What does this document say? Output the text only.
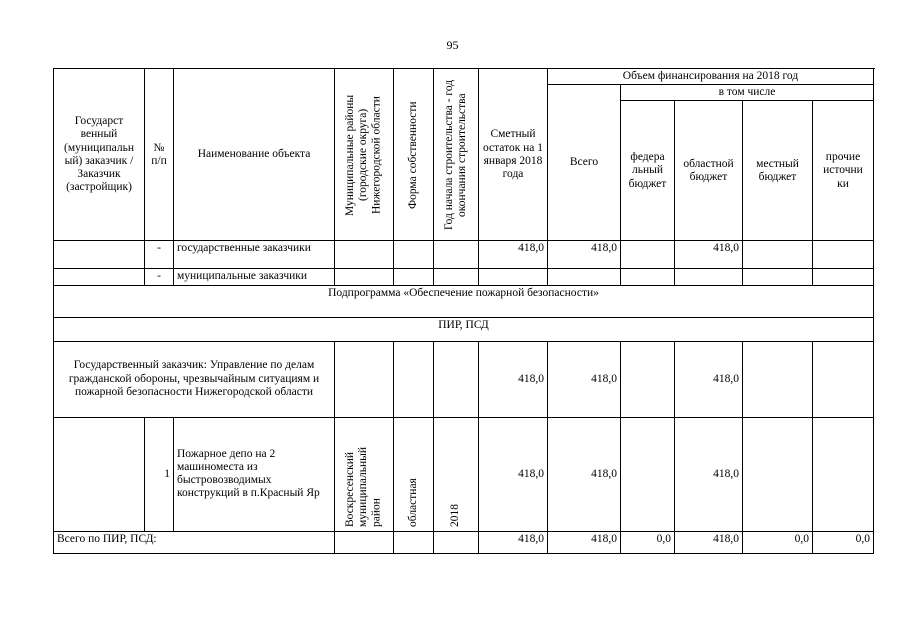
95
Государст венный (муниципальн ый) заказчик / Заказчик (застройщик)	№ п/п	Наименование объекта	Муниципальные районы (городские округа) Нижегородской области	Форма собственности	Год начала строительства - год окончания строительства	Сметный остаток на 1 января 2018 года	Объем финансирования на 2018 год				
							Всего	в том числе			
								федера льный бюджет	областной бюджет	местный бюджет	прочие источни ки
	-	государственные заказчики				418,0	418,0		418,0		
	-	муниципальные заказчики									
Подпрограмма «Обеспечение пожарной безопасности»											
ПИР, ПСД											
Государственный заказчик: Управление по делам гражданской обороны, чрезвычайным ситуациям и пожарной безопасности Нижегородской области						418,0	418,0		418,0		
	1	Пожарное депо на 2 машиноместа из быстровозводимых конструкций в п.Красный Яр	Воскресенский муниципальный район	областная	2018	418,0	418,0		418,0		
Всего по ПИР, ПСД:						418,0	418,0	0,0	418,0	0,0	0,0
